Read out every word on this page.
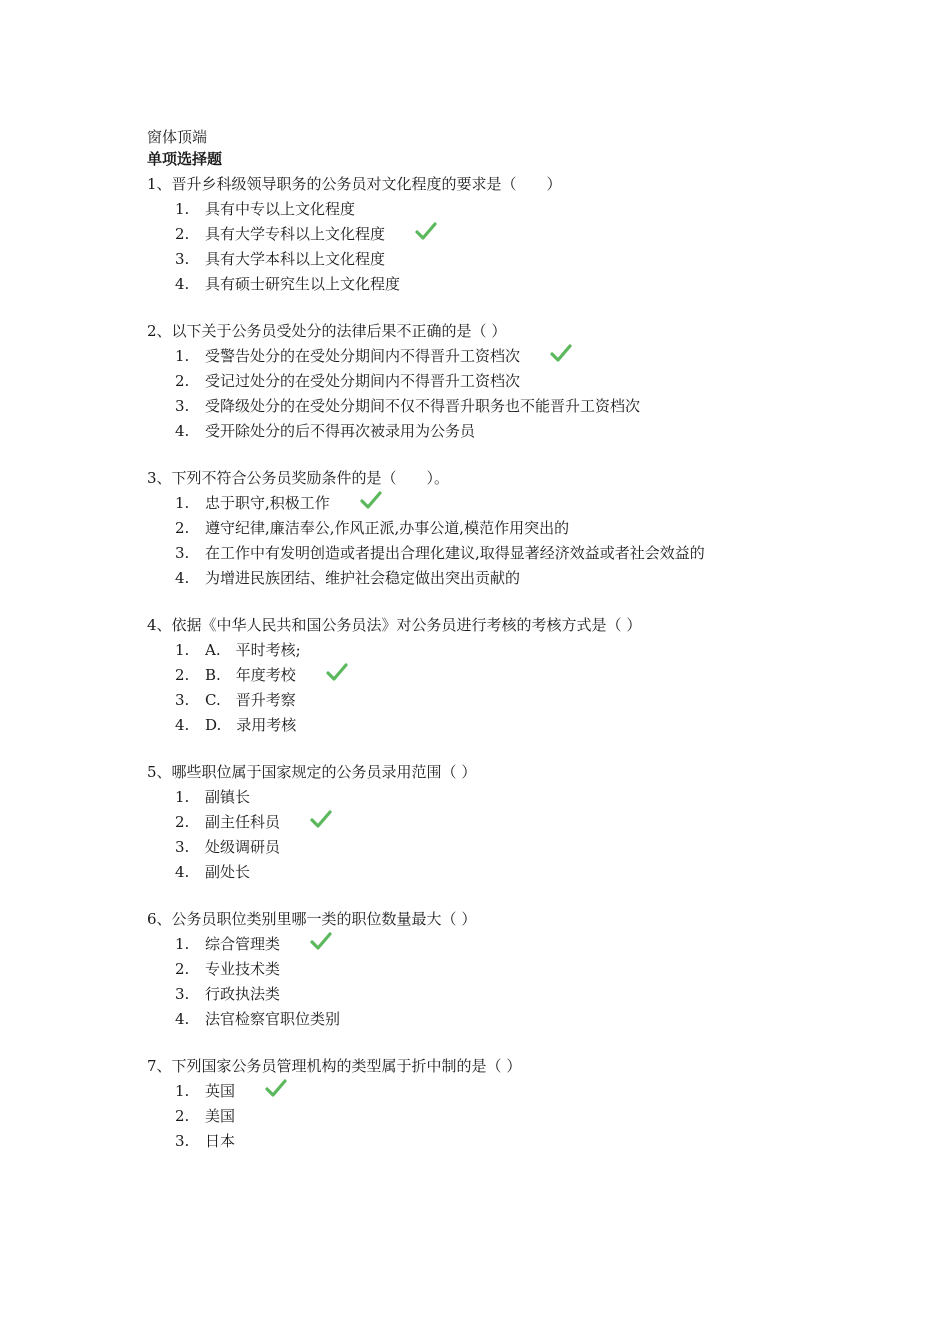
窗体顶端
单项选择题
1、晋升乡科级领导职务的公务员对文化程度的要求是（　　）
1.	具有中专以上文化程度
2.	具有大学专科以上文化程度
3.	具有大学本科以上文化程度
4.	具有硕士研究生以上文化程度
2、以下关于公务员受处分的法律后果不正确的是（ ）
1.	受警告处分的在受处分期间内不得晋升工资档次
2.	受记过处分的在受处分期间内不得晋升工资档次
3.	受降级处分的在受处分期间不仅不得晋升职务也不能晋升工资档次
4.	受开除处分的后不得再次被录用为公务员
3、下列不符合公务员奖励条件的是（　　）。
1.	忠于职守,积极工作
2.	遵守纪律,廉洁奉公,作风正派,办事公道,模范作用突出的
3.	在工作中有发明创造或者提出合理化建议,取得显著经济效益或者社会效益的
4.	为增进民族团结、维护社会稳定做出突出贡献的
4、依据《中华人民共和国公务员法》对公务员进行考核的考核方式是（ ）
1.	A.　平时考核;
2.	B.　年度考校
3.	C.　晋升考察
4.	D.　录用考核
5、哪些职位属于国家规定的公务员录用范围（ ）
1.	副镇长
2.	副主任科员
3.	处级调研员
4.	副处长
6、公务员职位类别里哪一类的职位数量最大（ ）
1.	综合管理类
2.	专业技术类
3.	行政执法类
4.	法官检察官职位类别
7、下列国家公务员管理机构的类型属于折中制的是（ ）
1.	英国
2.	美国
3.	日本
